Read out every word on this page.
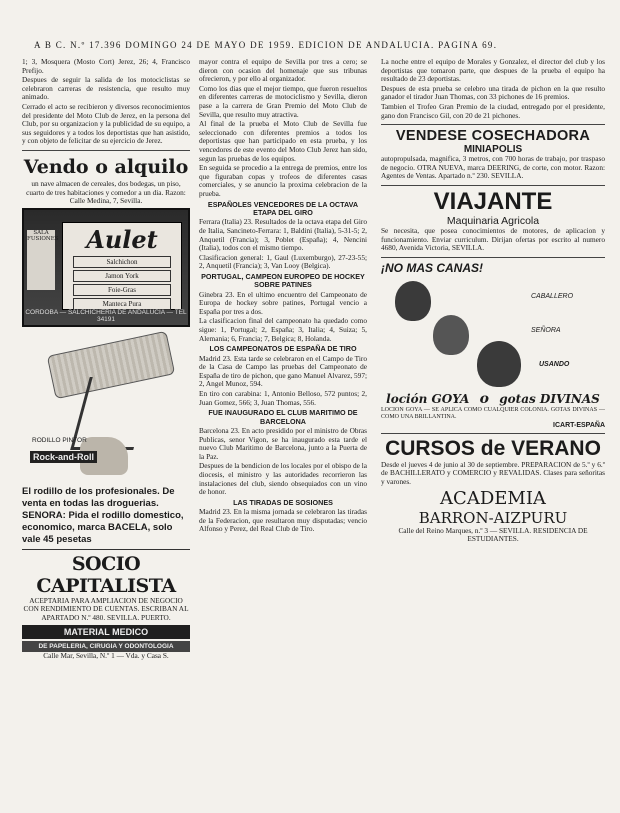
A B C. N.º 17.396 DOMINGO 24 DE MAYO DE 1959. EDICION DE ANDALUCIA. PAGINA 69.

1; 3, Mosquera (Mosto Cort) Jerez, 26; 4, Francisco Prefijo.

Despues de seguir la salida de los motociclistas se celebraron carreras de resistencia, que resulto muy animado.

Cerrado el acto se recibieron y diversos reconocimientos del presidente del Moto Club de Jerez, en la persona del Club, por su organizacion y la publicidad de su equipo, a sus seguidores y a todos los deportistas que han asistido, y con objeto de felicitar de su ejercicio de Jerez.

Vendo o alquilo

un nave almacen de cereales, dos bodegas, un piso, cuarto de tres habitaciones y comedor a un dia. Razon: Calle Medina, 7, Sevilla.

SALA FUSIONES	Aulet
Salchichon
Jamon York
Foie-Gras
Manteca Pura
CORDOBA — SALCHICHERIA DE ANDALUCIA — TEL 34191
RODILLO PINTOR
Rock-and-Roll
El rodillo de los profesionales. De venta en todas las droguerias. SENORA: Pida el rodillo domestico, economico, marca BACELA, solo vale 45 pesetas
SOCIO CAPITALISTA

ACEPTARIA PARA AMPLIACION DE NEGOCIO CON RENDIMIENTO DE CUENTAS. ESCRIBAN AL APARTADO N.º 480. SEVILLA. PUERTO.

MATERIAL MEDICO
DE PAPELERIA, CIRUGIA Y ODONTOLOGIA

Calle Mar, Sevilla, N.º 1 — Vda. y Casa S.

mayor contra el equipo de Sevilla por tres a cero; se dieron con ocasion del homenaje que sus tribunas ofrecieron, y por ello al organizador.

Como los dias que el mejor tiempo, que fueron resueltos en diferentes carreras de motociclismo y Sevilla, dieron pase a la carrera de Gran Premio del Moto Club de Sevilla, que resulto muy atractiva.

Al final de la prueba el Moto Club de Sevilla fue seleccionado con diferentes premios a todos los deportistas que han participado en esta prueba, y los vencedores de este evento del Moto Club Jerez han sido, segun las pruebas de los equipos.

En seguida se procedio a la entrega de premios, entre los que figuraban copas y trofeos de diferentes casas comerciales, y se anuncio la proxima celebracion de la prueba.

ESPAÑOLES VENCEDORES DE LA OCTAVA ETAPA DEL GIRO

Ferrara (Italia) 23. Resultados de la octava etapa del Giro de Italia, Sancineto-Ferrara: 1, Baldini (Italia), 5-31-5; 2, Anquetil (Francia); 3, Poblet (España); 4, Nencini (Italia), todos con el mismo tiempo.

Clasificacion general: 1, Gaul (Luxemburgo), 27-23-55; 2, Anquetil (Francia); 3, Van Looy (Belgica).

PORTUGAL, CAMPEON EUROPEO DE HOCKEY SOBRE PATINES

Ginebra 23. En el ultimo encuentro del Campeonato de Europa de hockey sobre patines, Portugal vencio a España por tres a dos.

La clasificacion final del campeonato ha quedado como sigue: 1, Portugal; 2, España; 3, Italia; 4, Suiza; 5, Alemania; 6, Francia; 7, Belgica; 8, Holanda.

LOS CAMPEONATOS DE ESPAÑA DE TIRO

Madrid 23. Esta tarde se celebraron en el Campo de Tiro de la Casa de Campo las pruebas del Campeonato de España de tiro de pichon, que gano Manuel Alvarez, 597; 2, Angel Munoz, 594.

En tiro con carabina: 1, Antonio Belloso, 572 puntos; 2, Juan Gomez, 566; 3, Juan Thomas, 556.

FUE INAUGURADO EL CLUB MARITIMO DE BARCELONA

Barcelona 23. En acto presidido por el ministro de Obras Publicas, senor Vigon, se ha inaugurado esta tarde el nuevo Club Maritimo de Barcelona, junto a la Puerta de la Paz.

Despues de la bendicion de los locales por el obispo de la diocesis, el ministro y las autoridades recorrieron las instalaciones del club, siendo obsequiados con un vino de honor.

LAS TIRADAS DE SOSIONES

Madrid 23. En la misma jornada se celebraron las tiradas de la Federacion, que resultaron muy disputadas; vencio Alfonso y Perez, del Real Club de Tiro.

La noche entre el equipo de Morales y Gonzalez, el director del club y los deportistas que tomaron parte, que despues de la prueba el equipo ha resultado de 23 deportistas.

Despues de esta prueba se celebro una tirada de pichon en la que resulto ganador el tirador Juan Thomas, con 33 pichones de 16 premios.

Tambien el Trofeo Gran Premio de la ciudad, entregado por el presidente, gano don Francisco Gil, con 20 de 21 pichones.

VENDESE COSECHADORA
MINIAPOLIS

autopropulsada, magnifica, 3 metros, con 700 horas de trabajo, por traspaso de negocio. OTRA NUEVA, marca DEERING, de corte, con motor. Razon: Agentes de Ventas. Apartado n.º 230. SEVILLA.

VIAJANTE
Maquinaria Agricola

Se necesita, que posea conocimientos de motores, de aplicacion y funcionamiento. Enviar curriculum. Dirijan ofertas por escrito al numero 4680, Avenida Victoria, SEVILLA.

¡NO MAS CANAS!
CABALLERO
SEÑORA
USANDO
loción GOYA o gotas DIVINAS

LOCION GOYA — SE APLICA COMO CUALQUIER COLONIA. GOTAS DIVINAS — COMO UNA BRILLANTINA.

ICART-ESPAÑA
CURSOS de VERANO

Desde el jueves 4 de junio al 30 de septiembre. PREPARACION de 5.º y 6.º de BACHILLERATO y COMERCIO y REVALIDAS. Clases para señoritas y varones.

ACADEMIA
BARRON-AIZPURU

Calle del Reino Marques, n.º 3 — SEVILLA. RESIDENCIA DE ESTUDIANTES.
